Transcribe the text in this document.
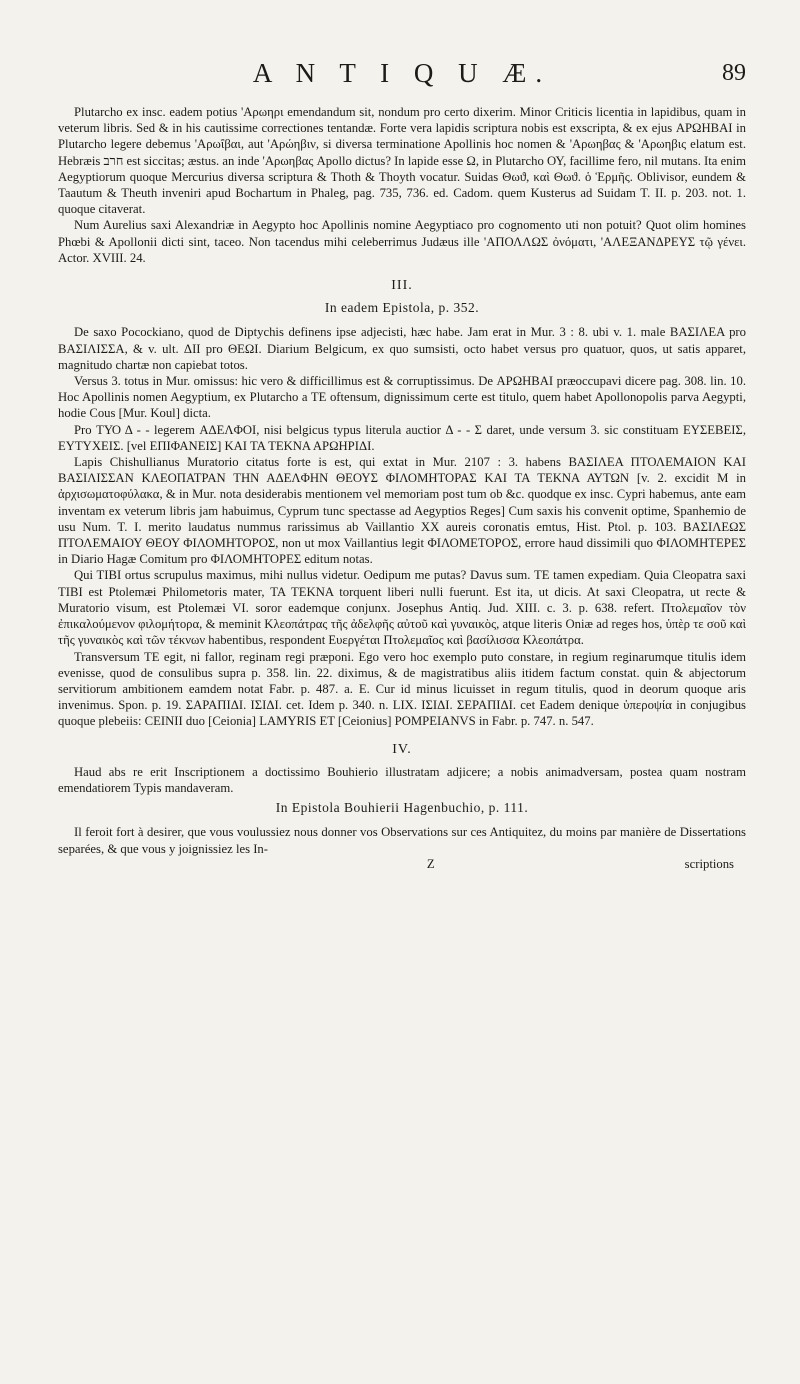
A N T I Q U Æ.	89

Plutarcho ex insc. eadem potius 'Αρωηρι emendandum sit, nondum pro certo dixerim. Minor Criticis licentia in lapidibus, quam in veterum libris. Sed & in his cautissime correctiones tentandæ. Forte vera lapidis scriptura nobis est exscripta, & ex ejus ΑΡΩΗΒΑΙ in Plutarcho legere debemus 'Αρωΐβαι, aut 'Αρώηβιν, si diversa terminatione Apollinis hoc nomen & 'Αρωηβας & 'Αρωηβις elatum est. Hebræis חרב est siccitas; æstus. an inde 'Αρωηβας Apollo dictus? In lapide esse Ω, in Plutarcho ΟΥ, facillime fero, nil mutans. Ita enim Aegyptiorum quoque Mercurius diversa scriptura & Thoth & Thoyth vocatur. Suidas Θωϑ, καὶ Θωϑ. ὁ Ἑρμῆς. Oblivisor, eundem & Taautum & Theuth inveniri apud Bochartum in Phaleg, pag. 735, 736. ed. Cadom. quem Kusterus ad Suidam T. II. p. 203. not. 1. quoque citaverat.

Num Aurelius saxi Alexandriæ in Aegypto hoc Apollinis nomine Aegyptiaco pro cognomento uti non potuit? Quot olim homines Phœbi & Apollonii dicti sint, taceo. Non tacendus mihi celeberrimus Judæus ille 'ΑΠΟΛΛΩΣ ὀνόματι, 'ΑΛΕΞΑΝΔΡΕΥΣ τῷ γένει. Actor. XVIII. 24.

III.
In eadem Epistola, p. 352.

De saxo Pocockiano, quod de Diptychis definens ipse adjecisti, hæc habe. Jam erat in Mur. 3 : 8. ubi v. 1. male ΒΑΣΙΛΕΑ pro ΒΑΣΙΛΙΣΣΑ, & v. ult. ΔΙΙ pro ΘΕΩΙ. Diarium Belgicum, ex quo sumsisti, octo habet versus pro quatuor, quos, ut satis apparet, magnitudo chartæ non capiebat totos.

Versus 3. totus in Mur. omissus: hic vero & difficillimus est & corruptissimus. De ΑΡΩΗΒΑΙ præoccupavi dicere pag. 308. lin. 10. Hoc Apollinis nomen Aegyptium, ex Plutarcho a TE oftensum, dignissimum certe est titulo, quem habet Apollonopolis parva Aegypti, hodie Cous [Mur. Koul] dicta.

Pro ΤΥΟ Δ - - legerem ΑΔΕΛΦΟΙ, nisi belgicus typus literula auctior Δ - - Σ daret, unde versum 3. sic constituam ΕΥΣΕΒΕΙΣ, ΕΥΤΥΧΕΙΣ. [vel ΕΠΙΦΑΝΕΙΣ] ΚΑΙ ΤΑ ΤΕΚΝΑ ΑΡΩΗΡΙΔΙ.

Lapis Chishullianus Muratorio citatus forte is est, qui extat in Mur. 2107 : 3. habens ΒΑΣΙΛΕΑ ΠΤΟΛΕΜΑΙΟΝ ΚΑΙ ΒΑΣΙΛΙΣΣΑΝ ΚΛΕΟΠΑΤΡΑΝ ΤΗΝ ΑΔΕΛΦΗΝ ΘΕΟΥΣ ΦΙΛΟΜΗΤΟΡΑΣ ΚΑΙ ΤΑ ΤΕΚΝΑ ΑΥΤΩΝ [v. 2. excidit Μ in ἀρχισωματοφύλακα, & in Mur. nota desiderabis mentionem vel memoriam post tum ob &c. quodque ex insc. Cypri habemus, ante eam inventam ex veterum libris jam habuimus, Cyprum tunc spectasse ad Aegyptios Reges] Cum saxis his convenit optime, Spanhemio de usu Num. T. I. merito laudatus nummus rarissimus ab Vaillantio XX aureis coronatis emtus, Hist. Ptol. p. 103. ΒΑΣΙΛΕΩΣ ΠΤΟΛΕΜΑΙΟΥ ΘΕΟΥ ΦΙΛΟΜΗΤΟΡΟΣ, non ut mox Vaillantius legit ΦΙΛΟΜΕΤΟΡΟΣ, errore haud dissimili quo ΦΙΛΟΜΗΤΕΡΕΣ in Diario Hagæ Comitum pro ΦΙΛΟΜΗΤΟΡΕΣ editum notas.

Qui TIBI ortus scrupulus maximus, mihi nullus videtur. Oedipum me putas? Davus sum. TE tamen expediam. Quia Cleopatra saxi TIBI est Ptolemæi Philometoris mater, TA TEKNA torquent liberi nulli fuerunt. Est ita, ut dicis. At saxi Cleopatra, ut recte & Muratorio visum, est Ptolemæi VI. soror eademque conjunx. Josephus Antiq. Jud. XIII. c. 3. p. 638. refert. Πτολεμαῖον τὸν ἐπικαλούμενον φιλομήτορα, & meminit Κλεοπάτρας τῆς ἀδελφῆς αὐτοῦ καὶ γυναικὸς, atque literis Oniæ ad reges hos, ὑπὲρ τε σοῦ καὶ τῆς γυναικὸς καὶ τῶν τέκνων habentibus, respondent Ευεργέται Πτολεμαῖος καὶ βασίλισσα Κλεοπάτρα.

Transversum TE egit, ni fallor, reginam regi præponi. Ego vero hoc exemplo puto constare, in regium reginarumque titulis idem evenisse, quod de consulibus supra p. 358. lin. 22. diximus, & de magistratibus aliis itidem factum constat. quin & abjectorum servitiorum ambitionem eamdem notat Fabr. p. 487. a. E. Cur id minus licuisset in regum titulis, quod in deorum quoque aris invenimus. Spon. p. 19. ΣΑΡΑΠΙΔΙ. ΙΣΙΔΙ. cet. Idem p. 340. n. LIX. ΙΣΙΔΙ. ΣΕΡΑΠΙΔΙ. cet Eadem denique ὑπεροψία in conjugibus quoque plebeiis: CEINII duo [Ceionia] LAMYRIS ET [Ceionius] POMPEIANVS in Fabr. p. 747. n. 547.

IV.

Haud abs re erit Inscriptionem a doctissimo Bouhierio illustratam adjicere; a nobis animadversam, postea quam nostram emendatiorem Typis mandaveram.

In Epistola Bouhierii Hagenbuchio, p. 111.

Il feroit fort à desirer, que vous voulussiez nous donner vos Observations sur ces Antiquitez, du moins par manière de Dissertations separées, & que vous y joignissiez les In-

Z	scriptions
